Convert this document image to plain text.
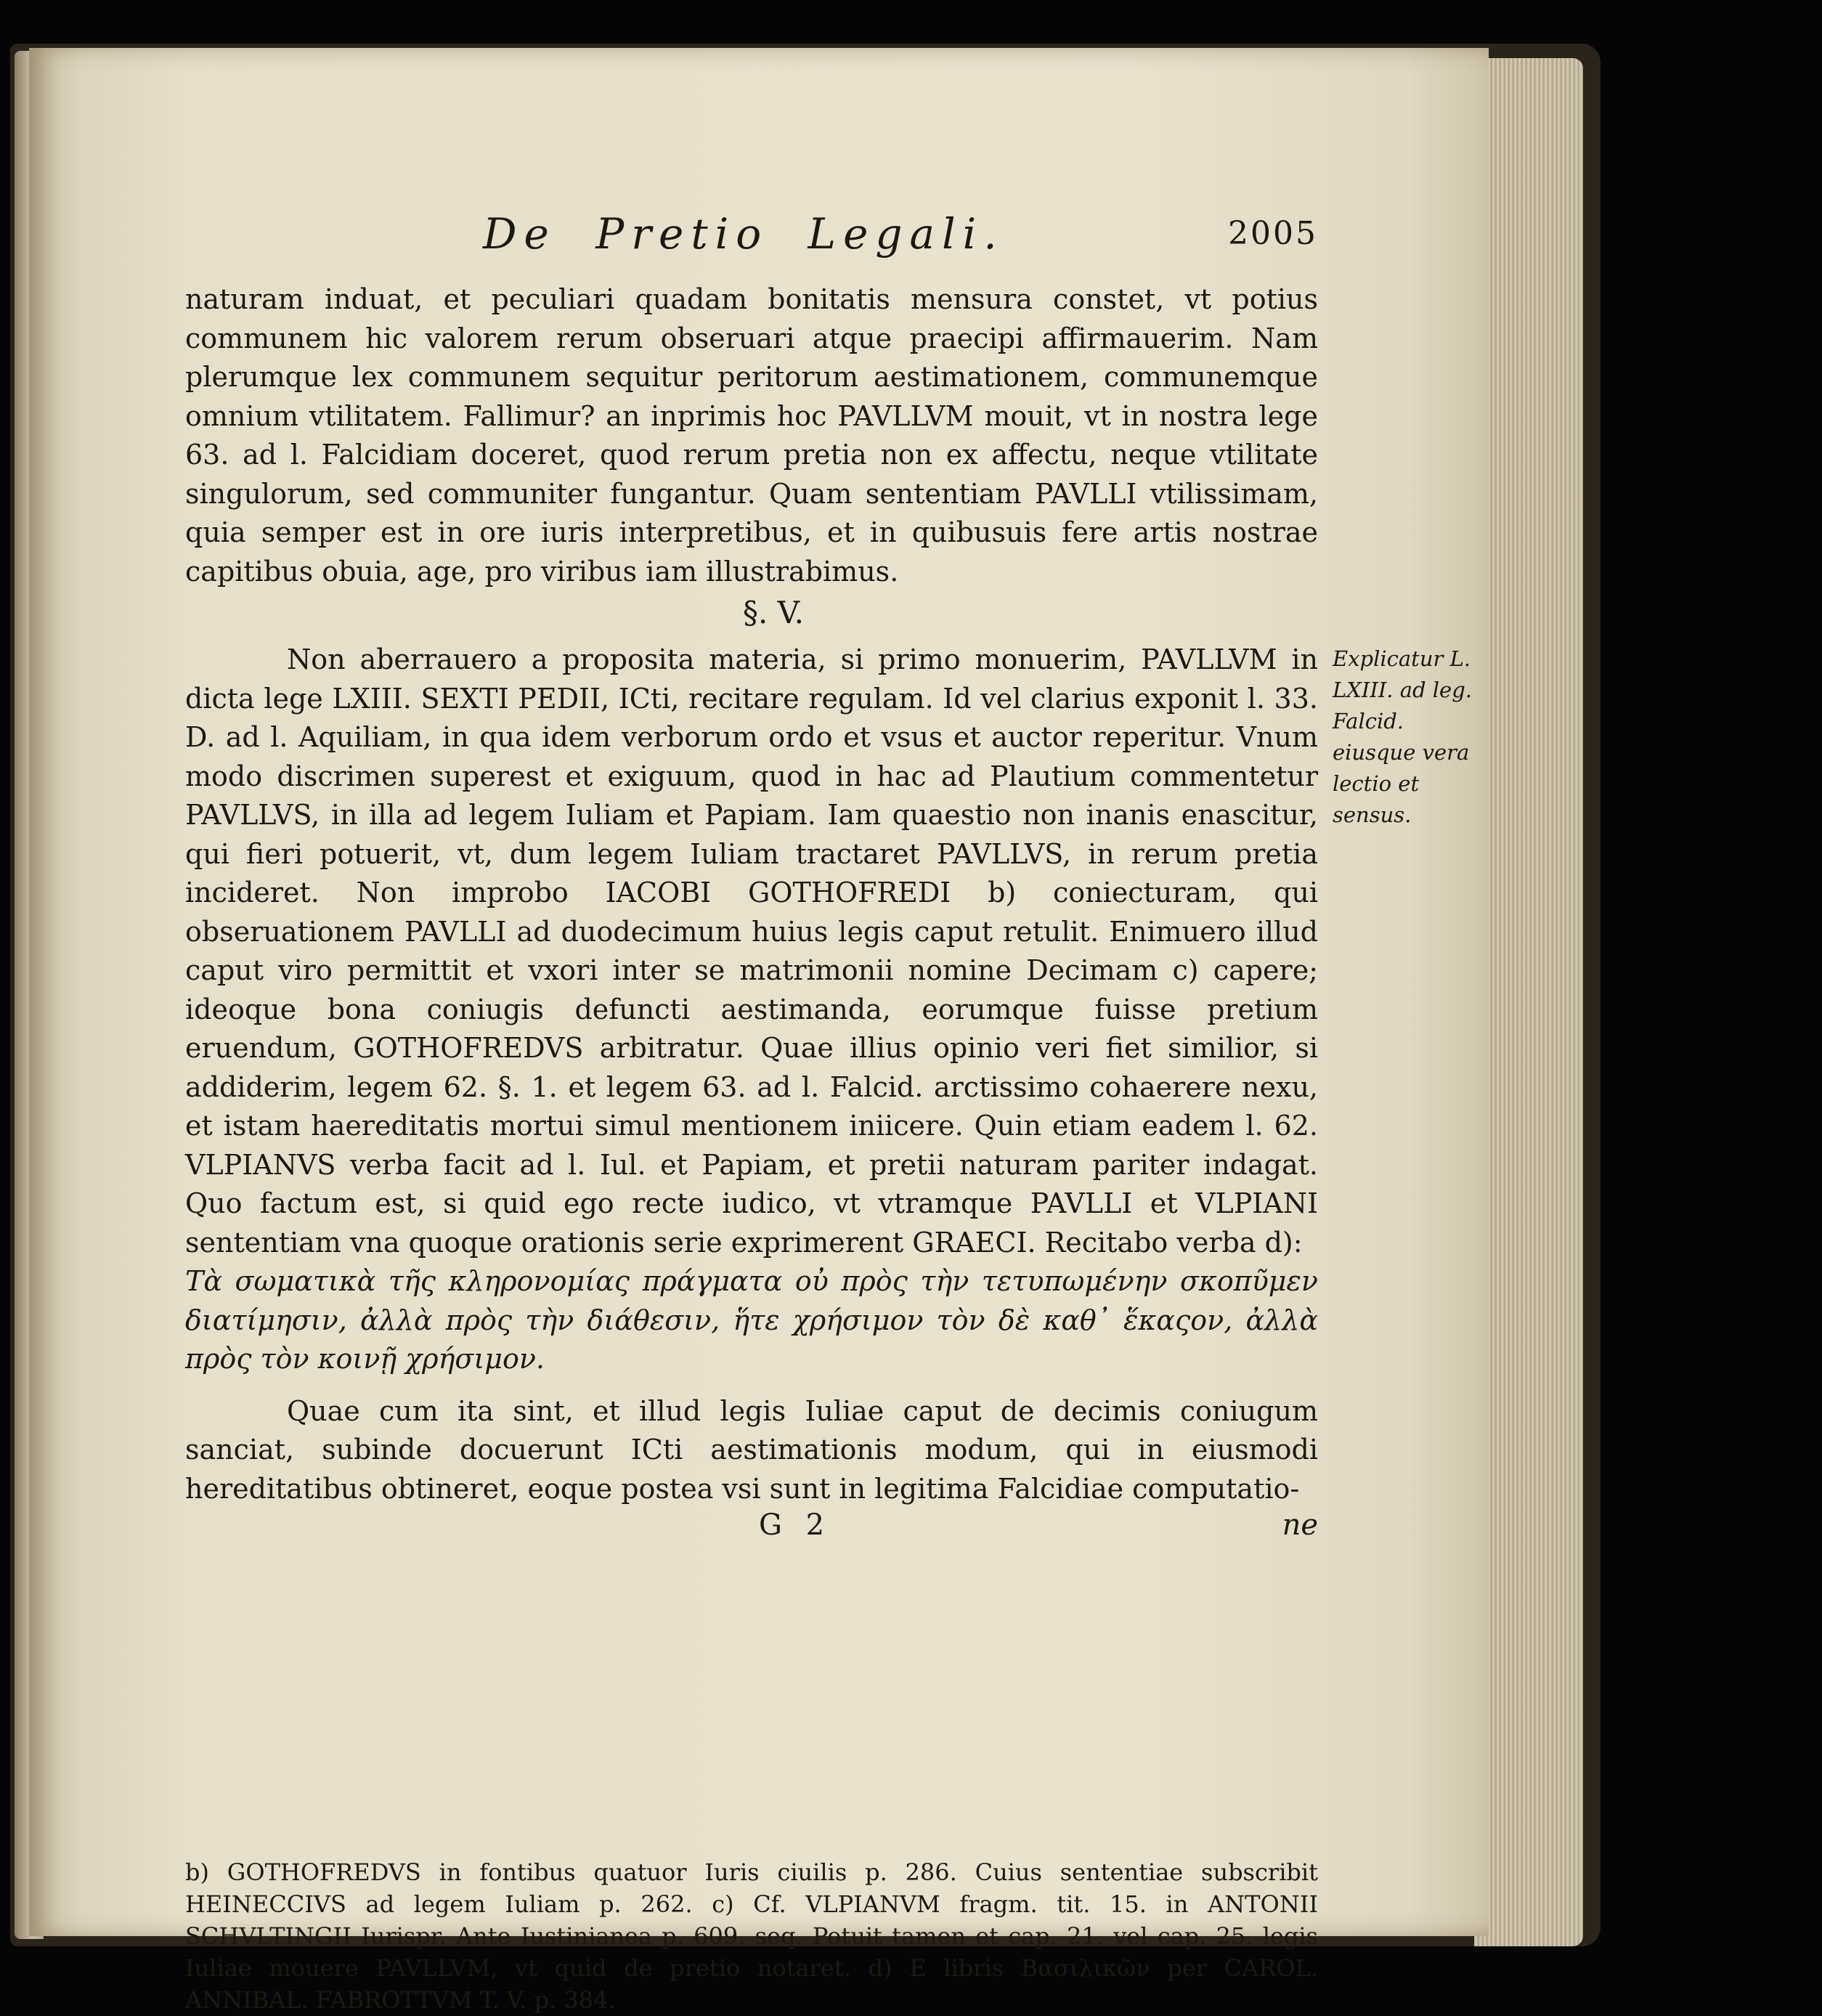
De Pretio Legali.	2005

naturam induat, et peculiari quadam bonitatis mensura constet, vt potius communem hic valorem rerum obseruari atque praecipi affirmauerim. Nam plerumque lex communem sequitur peritorum aestimationem, communemque omnium vtilitatem. Fallimur? an inprimis hoc PAVLLVM mouit, vt in nostra lege 63. ad l. Falcidiam doceret, quod rerum pretia non ex affectu, neque vtilitate singulorum, sed communiter fungantur. Quam sententiam PAVLLI vtilissimam, quia semper est in ore iuris interpretibus, et in quibusuis fere artis nostrae capitibus obuia, age, pro viribus iam illustrabimus.

§. V.

Non aberrauero a proposita materia, si primo monuerim, PAVLLVM in dicta lege LXIII. SEXTI PEDII, ICti, recitare regulam. Id vel clarius exponit l. 33. D. ad l. Aquiliam, in qua idem verborum ordo et vsus et auctor reperitur. Vnum modo discrimen superest et exiguum, quod in hac ad Plautium commentetur PAVLLVS, in illa ad legem Iuliam et Papiam. Iam quaestio non inanis enascitur, qui fieri potuerit, vt, dum legem Iuliam tractaret PAVLLVS, in rerum pretia incideret. Non improbo IACOBI GOTHOFREDI b) coniecturam, qui obseruationem PAVLLI ad duodecimum huius legis caput retulit. Enimuero illud caput viro permittit et vxori inter se matrimonii nomine Decimam c) capere; ideoque bona coniugis defuncti aestimanda, eorumque fuisse pretium eruendum, GOTHOFREDVS arbitratur. Quae illius opinio veri fiet similior, si addiderim, legem 62. §. 1. et legem 63. ad l. Falcid. arctissimo cohaerere nexu, et istam haereditatis mortui simul mentionem iniicere. Quin etiam eadem l. 62. VLPIANVS verba facit ad l. Iul. et Papiam, et pretii naturam pariter indagat. Quo factum est, si quid ego recte iudico, vt vtramque PAVLLI et VLPIANI sententiam vna quoque orationis serie exprimerent GRAECI. Recitabo verba d):

Τὰ σωματικὰ τῆς κληρονομίας πράγματα οὐ πρὸς τὴν τετυπωμένην σκοπῦμεν διατίμησιν, ἀλλὰ πρὸς τὴν διάθεσιν, ἥτε χρήσιμον τὸν δὲ καθ᾽ ἕκαςον, ἀλλὰ πρὸς τὸν κοινῇ χρήσιμον.

Quae cum ita sint, et illud legis Iuliae caput de decimis coniugum sanciat, subinde docuerunt ICti aestimationis modum, qui in eiusmodi hereditatibus obtineret, eoque postea vsi sunt in legitima Falcidiae computatio-

G 2	ne
Explicatur L. LXIII. ad leg. Falcid. eiusque vera lectio et sensus.

b) GOTHOFREDVS in fontibus quatuor Iuris ciuilis p. 286. Cuius sententiae subscribit HEINECCIVS ad legem Iuliam p. 262. c) Cf. VLPIANVM fragm. tit. 15. in ANTONII SCHVLTINGII Iurispr. Ante Iustinianea p. 609. seq. Potuit tamen et cap. 21. vel cap. 25. legis Iuliae mouere PAVLLVM, vt quid de pretio notaret. d) E libris Βασιλικῶν per CAROL. ANNIBAL. FABROTTVM T. V. p. 384.
